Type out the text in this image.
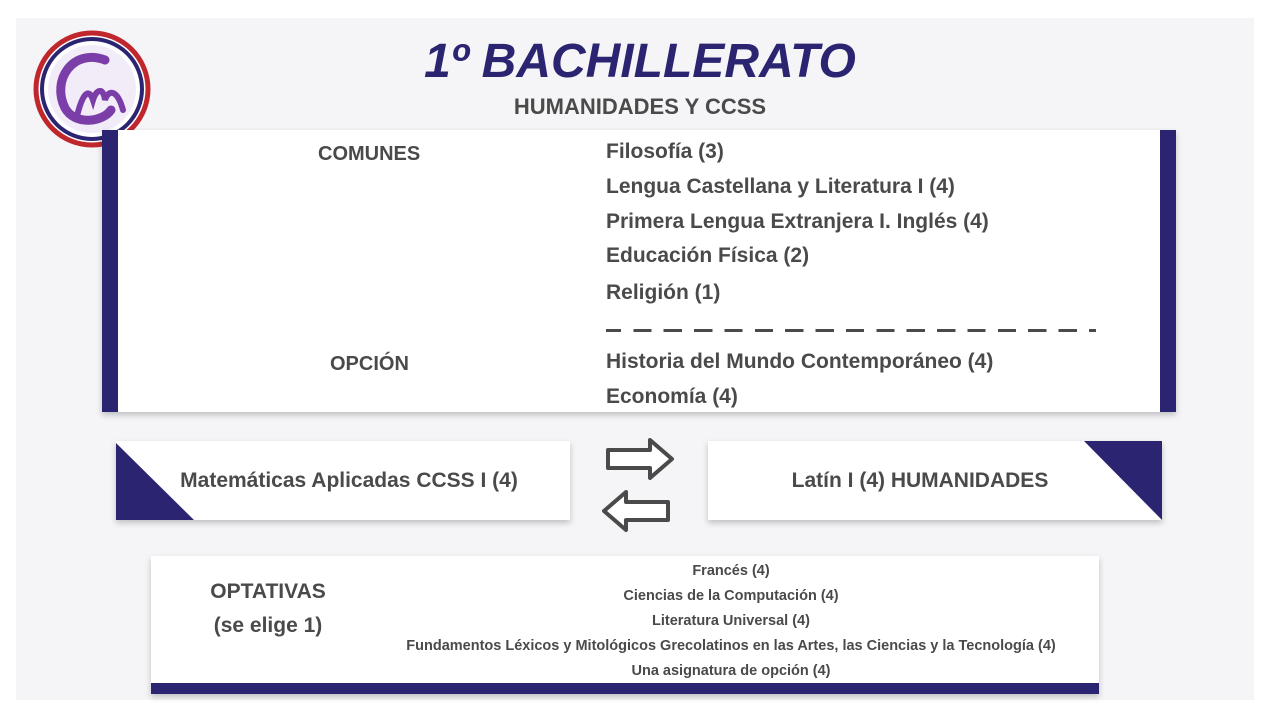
1º BACHILLERATO
HUMANIDADES Y CCSS
COMUNES	Filosofía (3)
Lengua Castellana y Literatura I (4)
Primera Lengua Extranjera I. Inglés (4)
Educación Física (2)
Religión (1)
OPCIÓN	Historia del Mundo Contemporáneo (4)
Economía (4)
Matemáticas Aplicadas CCSS I (4)	Latín I (4) HUMANIDADES
OPTATIVAS
(se elige 1)
Francés (4)
Ciencias de la Computación (4)
Literatura Universal (4)
Fundamentos Léxicos y Mitológicos Grecolatinos en las Artes, las Ciencias y la Tecnología (4)
Una asignatura de opción (4)
